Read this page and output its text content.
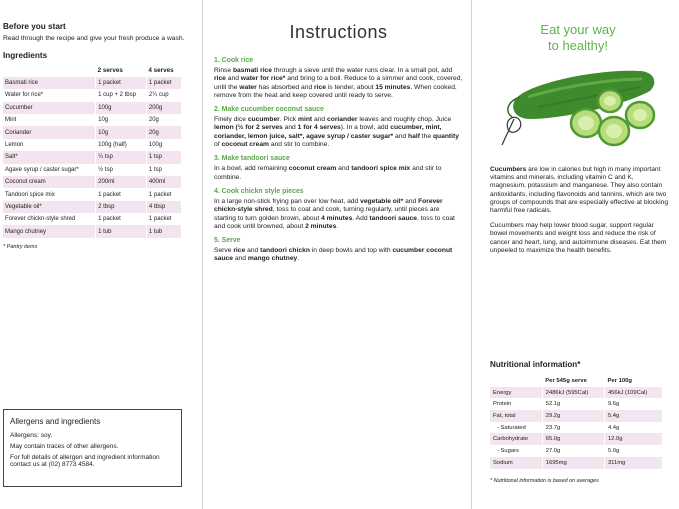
Before you start

Read through the recipe and give your fresh produce a wash.

Ingredients
	2 serves	4 serves
Basmati rice	1 packet	1 packet
Water for rice*	1 cup + 2 tbsp	2¼ cup
Cucumber	100g	200g
Mint	10g	20g
Coriander	10g	20g
Lemon	100g (half)	100g
Salt*	¼ tsp	1 tsp
Agave syrup / caster sugar*	½ tsp	1 tsp
Coconut cream	200ml	400ml
Tandoori spice mix	1 packet	1 packet
Vegetable oil*	2 tbsp	4 tbsp
Forever chickn-style shred	1 packet	1 packet
Mango chutney	1 tub	1 tub

* Pantry items

Allergens and ingredients

Allergens: soy.

May contain traces of other allergens.

For full details of allergen and ingredient information contact us at (02) 8773 4584.

Instructions
1. Cook rice

Rinse basmati rice through a sieve until the water runs clear. In a small pot, add rice and water for rice* and bring to a boil. Reduce to a simmer and cook, covered, until the water has absorbed and rice is tender, about 15 minutes. When cooked, remove from the heat and keep covered until ready to serve.

2. Make cucumber coconut sauce

Finely dice cucumber. Pick mint and coriander leaves and roughly chop. Juice lemon (½ for 2 serves and 1 for 4 serves). In a bowl, add cucumber, mint, coriander, lemon juice, salt*, agave syrup / caster sugar* and half the quantity of coconut cream and stir to combine.

3. Make tandoori sauce

In a bowl, add remaining coconut cream and tandoori spice mix and stir to combine.

4. Cook chickn style pieces

In a large non-stick frying pan over low heat, add vegetable oil* and Forever chickn-style shred, toss to coat and cook, turning regularly, until pieces are starting to turn golden brown, about 4 minutes. Add tandoori sauce, toss to coat and cook until browned, about 2 minutes.

5. Serve

Serve rice and tandoori chickn in deep bowls and top with cucumber coconut sauce and mango chutney.

Eat your way
to healthy!

Cucumbers are low in calories but high in many important vitamins and minerals, including vitamin C and K, magnesium, potassium and manganese. They also contain antioxidants, including flavonoids and tannins, which are two groups of compounds that are especially effective at blocking harmful free radicals.

Cucumbers may help lower blood sugar, support regular bowel movements and weight loss and reduce the risk of cancer and heart, lung, and autoimmune diseases. Eat them unpeeled to maximize the health benefits.

Nutritional information*
	Per 545g serve	Per 100g
Energy	2486kJ (595Cal)	456kJ (109Cal)
Protein	52.1g	9.6g
Fat, total	29.2g	5.4g
- Saturated	23.7g	4.4g
Carbohydrate	65.0g	12.0g
- Sugars	27.0g	5.0g
Sodium	1695mg	311mg

* Nutritional information is based on averages
